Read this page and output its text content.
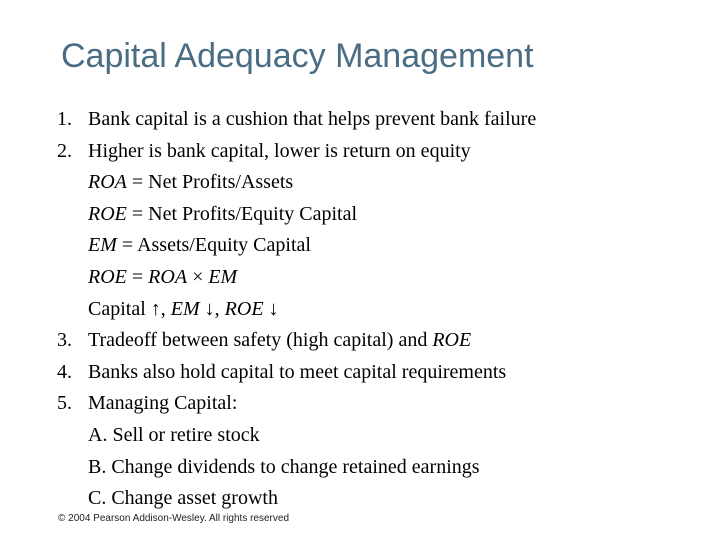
Capital Adequacy Management
1. Bank capital is a cushion that helps prevent bank failure
2. Higher is bank capital, lower is return on equity
ROA = Net Profits/Assets
ROE = Net Profits/Equity Capital
EM = Assets/Equity Capital
ROE = ROA × EM
Capital ↑, EM ↓, ROE ↓
3. Tradeoff between safety (high capital) and ROE
4. Banks also hold capital to meet capital requirements
5. Managing Capital:
A. Sell or retire stock
B. Change dividends to change retained earnings
C. Change asset growth
© 2004 Pearson Addison-Wesley. All rights reserved
